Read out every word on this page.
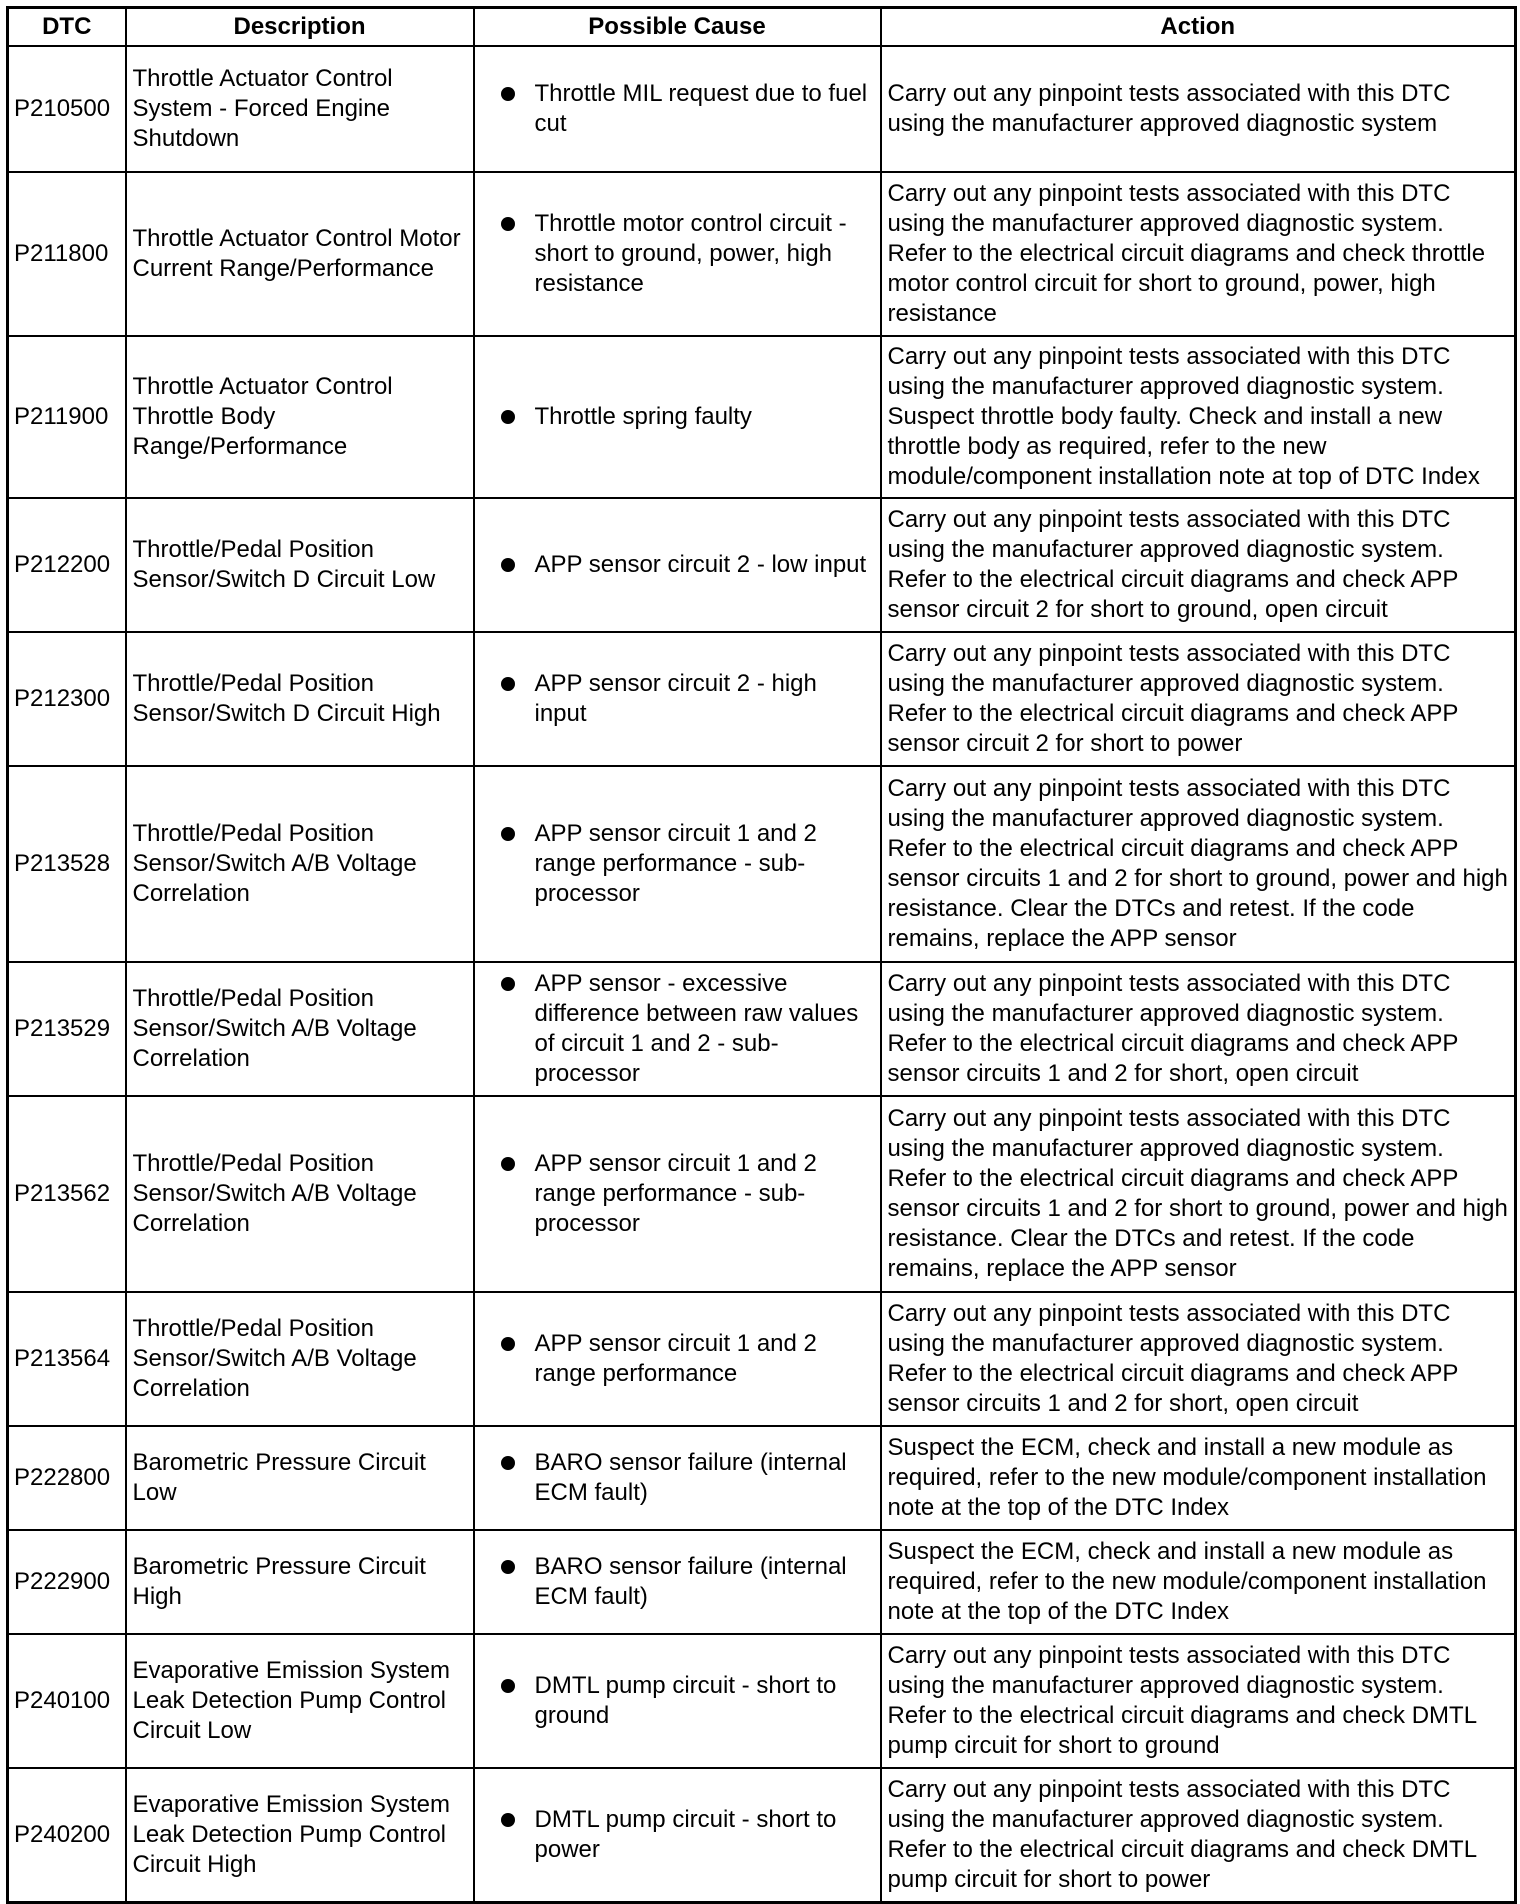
DTC	Description	Possible Cause	Action
P210500	Throttle Actuator Control System - Forced Engine Shutdown	Throttle MIL request due to fuel cut	Carry out any pinpoint tests associated with this DTC using the manufacturer approved diagnostic system
P211800	Throttle Actuator Control Motor Current Range/Performance	Throttle motor control circuit - short to ground, power, high resistance	Carry out any pinpoint tests associated with this DTC using the manufacturer approved diagnostic system. Refer to the electrical circuit diagrams and check throttle motor control circuit for short to ground, power, high resistance
P211900	Throttle Actuator Control Throttle Body Range/Performance	Throttle spring faulty	Carry out any pinpoint tests associated with this DTC using the manufacturer approved diagnostic system. Suspect throttle body faulty. Check and install a new throttle body as required, refer to the new module/component installation note at top of DTC Index
P212200	Throttle/Pedal Position Sensor/Switch D Circuit Low	APP sensor circuit 2 - low input	Carry out any pinpoint tests associated with this DTC using the manufacturer approved diagnostic system. Refer to the electrical circuit diagrams and check APP sensor circuit 2 for short to ground, open circuit
P212300	Throttle/Pedal Position Sensor/Switch D Circuit High	APP sensor circuit 2 - high input	Carry out any pinpoint tests associated with this DTC using the manufacturer approved diagnostic system. Refer to the electrical circuit diagrams and check APP sensor circuit 2 for short to power
P213528	Throttle/Pedal Position Sensor/Switch A/B Voltage Correlation	APP sensor circuit 1 and 2 range performance - sub-processor	Carry out any pinpoint tests associated with this DTC using the manufacturer approved diagnostic system. Refer to the electrical circuit diagrams and check APP sensor circuits 1 and 2 for short to ground, power and high resistance. Clear the DTCs and retest. If the code remains, replace the APP sensor
P213529	Throttle/Pedal Position Sensor/Switch A/B Voltage Correlation	APP sensor - excessive difference between raw values of circuit 1 and 2 - sub-processor	Carry out any pinpoint tests associated with this DTC using the manufacturer approved diagnostic system. Refer to the electrical circuit diagrams and check APP sensor circuits 1 and 2 for short, open circuit
P213562	Throttle/Pedal Position Sensor/Switch A/B Voltage Correlation	APP sensor circuit 1 and 2 range performance - sub-processor	Carry out any pinpoint tests associated with this DTC using the manufacturer approved diagnostic system. Refer to the electrical circuit diagrams and check APP sensor circuits 1 and 2 for short to ground, power and high resistance. Clear the DTCs and retest. If the code remains, replace the APP sensor
P213564	Throttle/Pedal Position Sensor/Switch A/B Voltage Correlation	APP sensor circuit 1 and 2 range performance	Carry out any pinpoint tests associated with this DTC using the manufacturer approved diagnostic system. Refer to the electrical circuit diagrams and check APP sensor circuits 1 and 2 for short, open circuit
P222800	Barometric Pressure Circuit Low	BARO sensor failure (internal ECM fault)	Suspect the ECM, check and install a new module as required, refer to the new module/component installation note at the top of the DTC Index
P222900	Barometric Pressure Circuit High	BARO sensor failure (internal ECM fault)	Suspect the ECM, check and install a new module as required, refer to the new module/component installation note at the top of the DTC Index
P240100	Evaporative Emission System Leak Detection Pump Control Circuit Low	DMTL pump circuit - short to ground	Carry out any pinpoint tests associated with this DTC using the manufacturer approved diagnostic system. Refer to the electrical circuit diagrams and check DMTL pump circuit for short to ground
P240200	Evaporative Emission System Leak Detection Pump Control Circuit High	DMTL pump circuit - short to power	Carry out any pinpoint tests associated with this DTC using the manufacturer approved diagnostic system. Refer to the electrical circuit diagrams and check DMTL pump circuit for short to power
